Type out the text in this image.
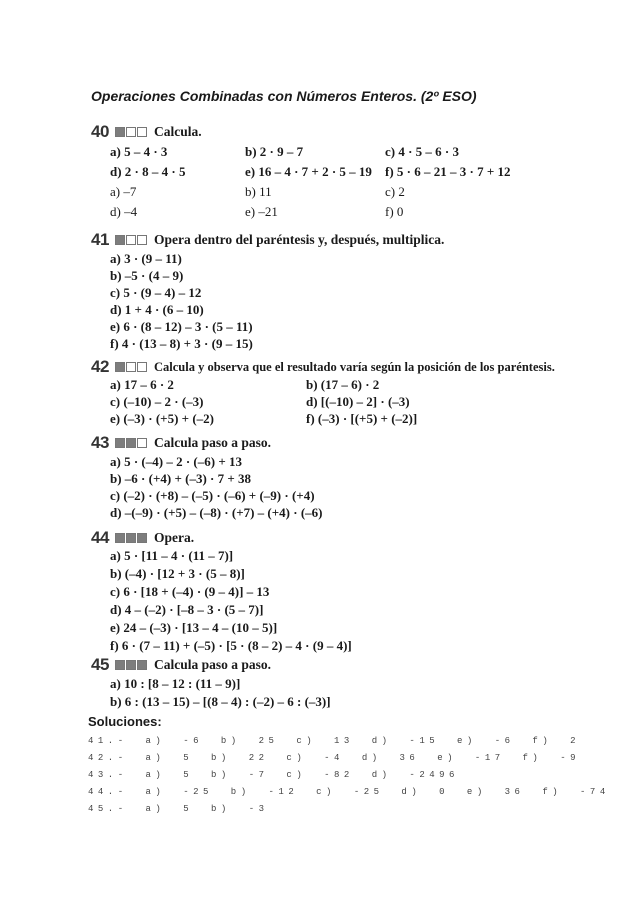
Operaciones Combinadas con Números Enteros. (2º ESO)
40	Calcula.
a) 5 – 4 · 3	b) 2 · 9 – 7	c) 4 · 5 – 6 · 3
d) 2 · 8 – 4 · 5	e) 16 – 4 · 7 + 2 · 5 – 19 f) 5 · 6 – 21 – 3 · 7 + 12
a) –7	b) 11	c) 2
d) –4	e) –21	f) 0
41	Opera dentro del paréntesis y, después, multiplica.
a) 3 · (9 – 11)
b) –5 · (4 – 9)
c) 5 · (9 – 4) – 12
d) 1 + 4 · (6 – 10)
e) 6 · (8 – 12) – 3 · (5 – 11)
f) 4 · (13 – 8) + 3 · (9 – 15)
42	Calcula y observa que el resultado varía según la posición de los paréntesis.
a) 17 – 6 · 2	b) (17 – 6) · 2
c) (–10) – 2 · (–3)	d) [(–10) – 2] · (–3)
e) (–3) · (+5) + (–2)	f) (–3) · [(+5) + (–2)]
43	Calcula paso a paso.
a) 5 · (–4) – 2 · (–6) + 13
b) –6 · (+4) + (–3) · 7 + 38
c) (–2) · (+8) – (–5) · (–6) + (–9) · (+4)
d) –(–9) · (+5) – (–8) · (+7) – (+4) · (–6)
44	Opera.
a) 5 · [11 – 4 · (11 – 7)]
b) (–4) · [12 + 3 · (5 – 8)]
c) 6 · [18 + (–4) · (9 – 4)] – 13
d) 4 – (–2) · [–8 – 3 · (5 – 7)]
e) 24 – (–3) · [13 – 4 – (10 – 5)]
f) 6 · (7 – 11) + (–5) · [5 · (8 – 2) – 4 · (9 – 4)]
45	Calcula paso a paso.
a) 10 : [8 – 12 : (11 – 9)]
b) 6 : (13 – 15) – [(8 – 4) : (–2) – 6 : (–3)]
Soluciones:
41.- a) -6 b) 25 c) 13 d) -15 e) -6 f) 2
42.- a) 5 b) 22 c) -4 d) 36 e) -17 f) -9
43.- a) 5 b) -7 c) -82 d) -2496
44.- a) -25 b) -12 c) -25 d) 0 e) 36 f) -74
45.- a) 5 b) -3
